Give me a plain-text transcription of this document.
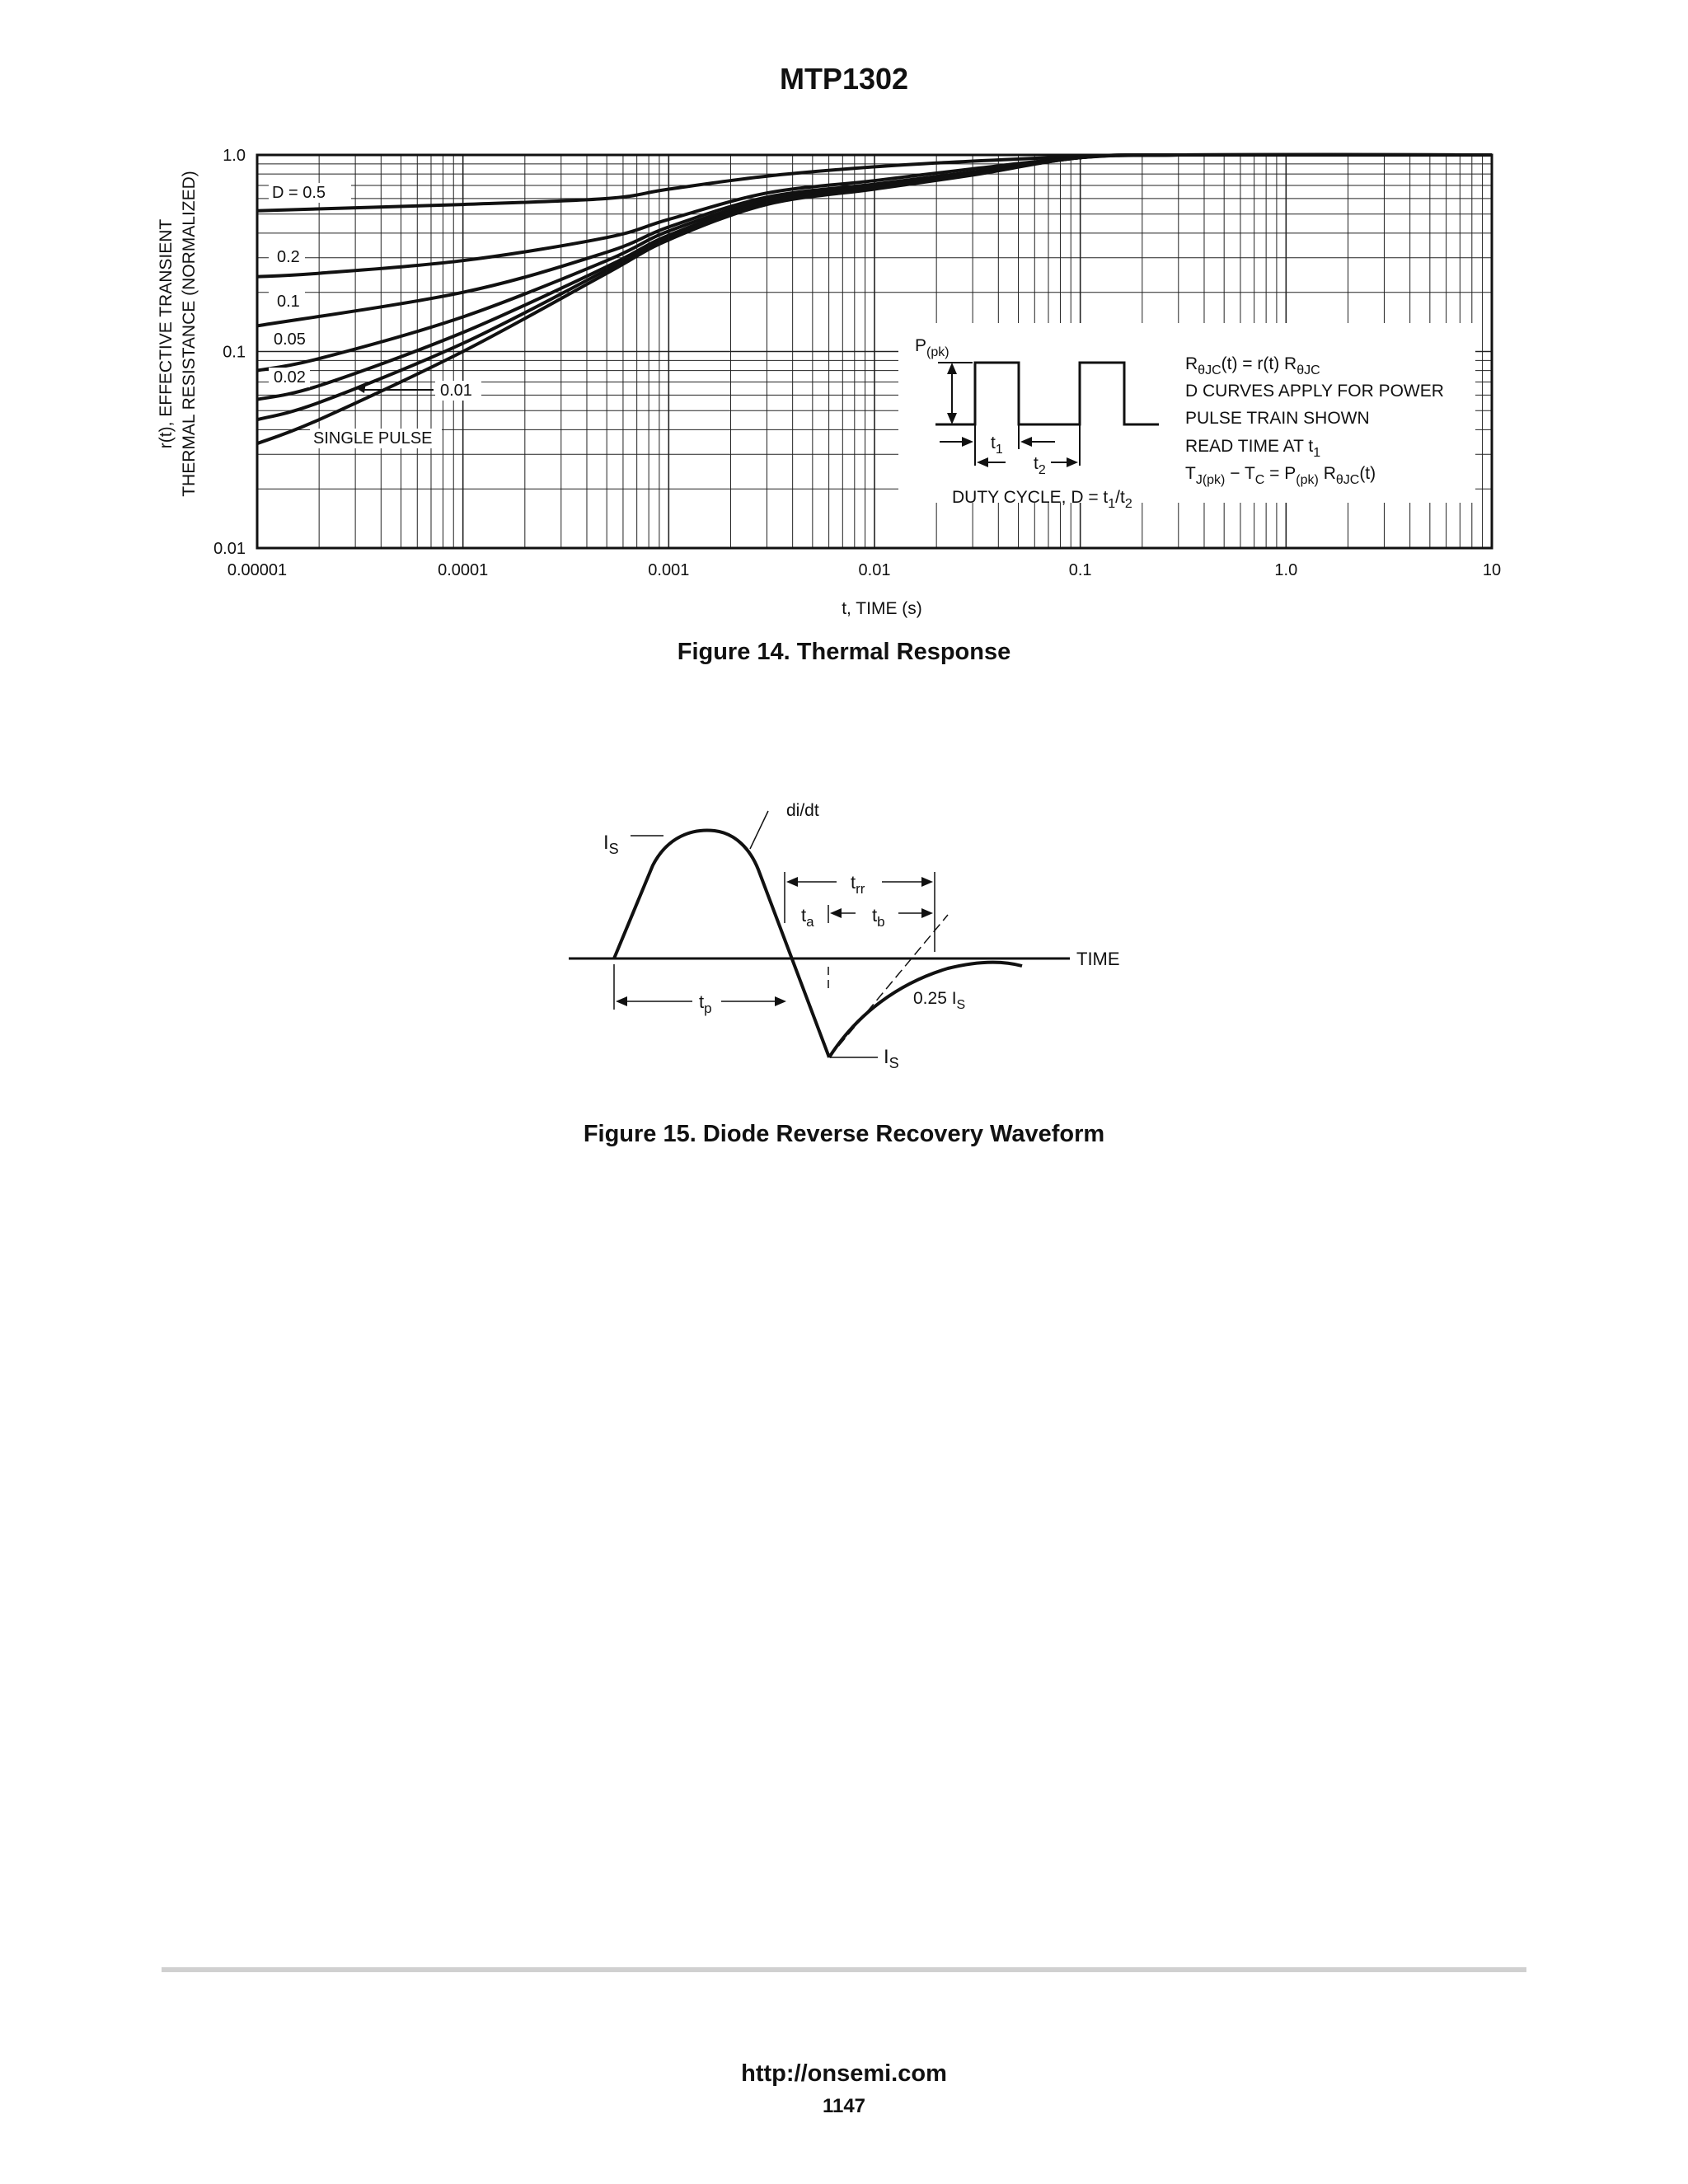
MTP1302
0.00001	0.0001	0.001	0.01	0.1	1.0	10
0.01
0.1
1.0
D = 0.5
0.2
0.1
0.05
0.02
0.01
SINGLE PULSE
$P_{(pk)}$
$t_1$
$t_2$
DUTY CYCLE, $D = t_1/t_2$
$R_{\theta JC}(t) = r(t)$ $R_{\theta JC}$
D CURVES APPLY FOR POWER
PULSE TRAIN SHOWN
READ TIME AT $t_1$
$T_{J(pk)} - T_C = P_{(pk)}$ $R_{\theta JC}(t)$
t, TIME (s)
r(t), EFFECTIVE TRANSIENT THERMAL RESISTANCE (NORMALIZED)
Figure 14. Thermal Response
TIME
di/dt
$I_S$
$t_{rr}$
$t_a$	$t_b$
$t_p$
0.25 $I_S$
$I_S$
Figure 15. Diode Reverse Recovery Waveform
http://onsemi.com
1147
